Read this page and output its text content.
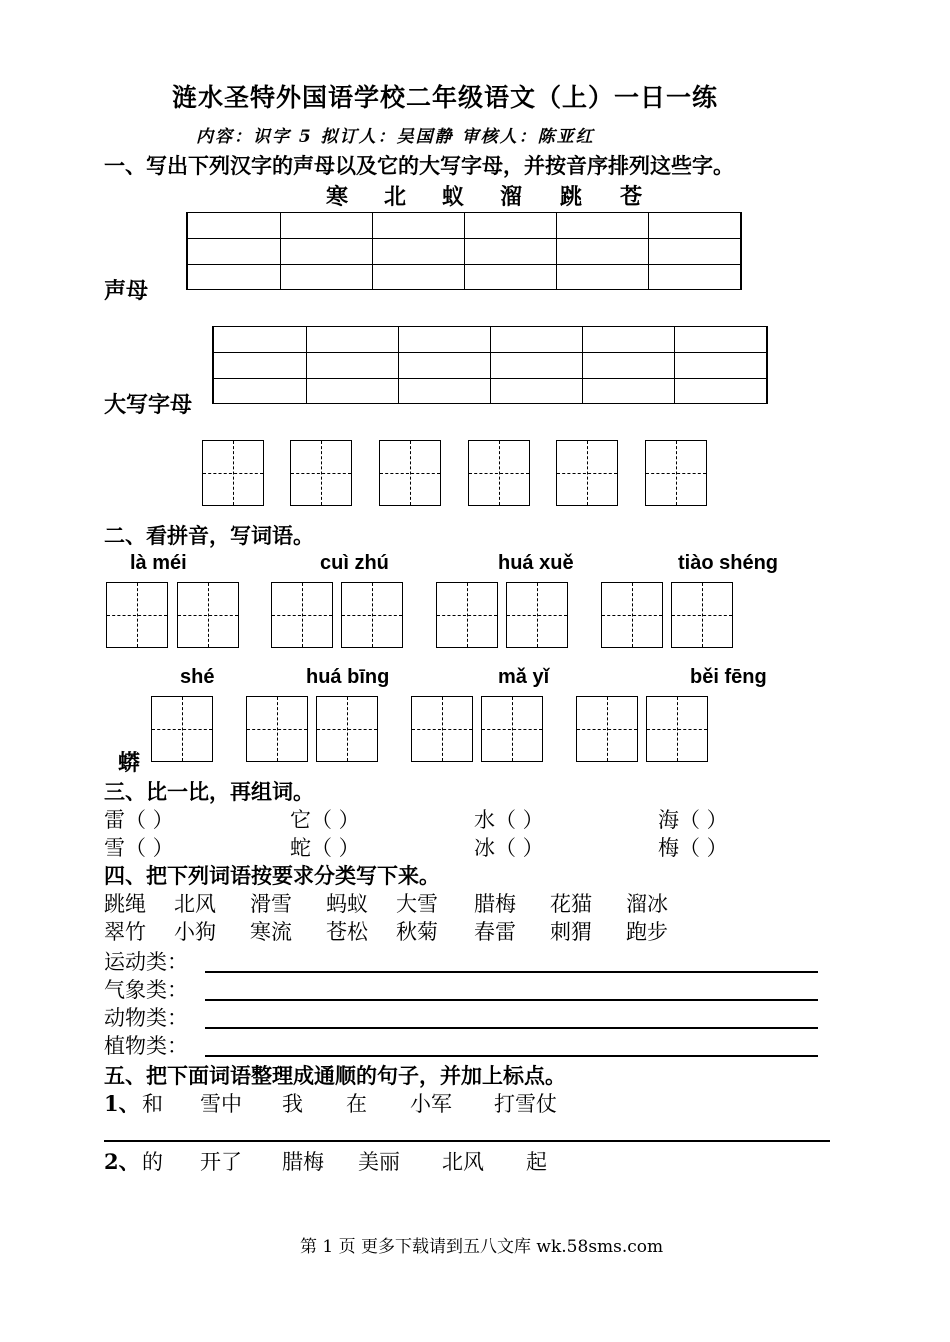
涟水圣特外国语学校二年级语文（上）一日一练
内容：识字 5 拟订人：吴国静 审核人：陈亚红
一、写出下列汉字的声母以及它的大写字母，并按音序排列这些字。
寒 北 蚁 溜 跳 苍
声母
大写字母
二、看拼音，写词语。
là méi	cuì zhú	huá xuě	tiào shéng
shé	huá bīng	mǎ yǐ	běi fēng
蟒
三、比一比，再组词。
雷（ ）	它（ ）	水（ ）	海（ ）
雪（ ）	蛇（ ）	冰（ ）	梅（ ）
四、把下列词语按要求分类写下来。
跳绳 北风 滑雪 蚂蚁 大雪 腊梅 花猫 溜冰
翠竹 小狗 寒流 苍松 秋菊 春雷 刺猬 跑步
运动类：
气象类：
动物类：
植物类：
五、把下面词语整理成通顺的句子，并加上标点。
1、 和 雪中 我 在 小军 打雪仗
2、 的 开了 腊梅 美丽 北风 起
第 1 页 更多下载请到五八文库 wk.58sms.com
